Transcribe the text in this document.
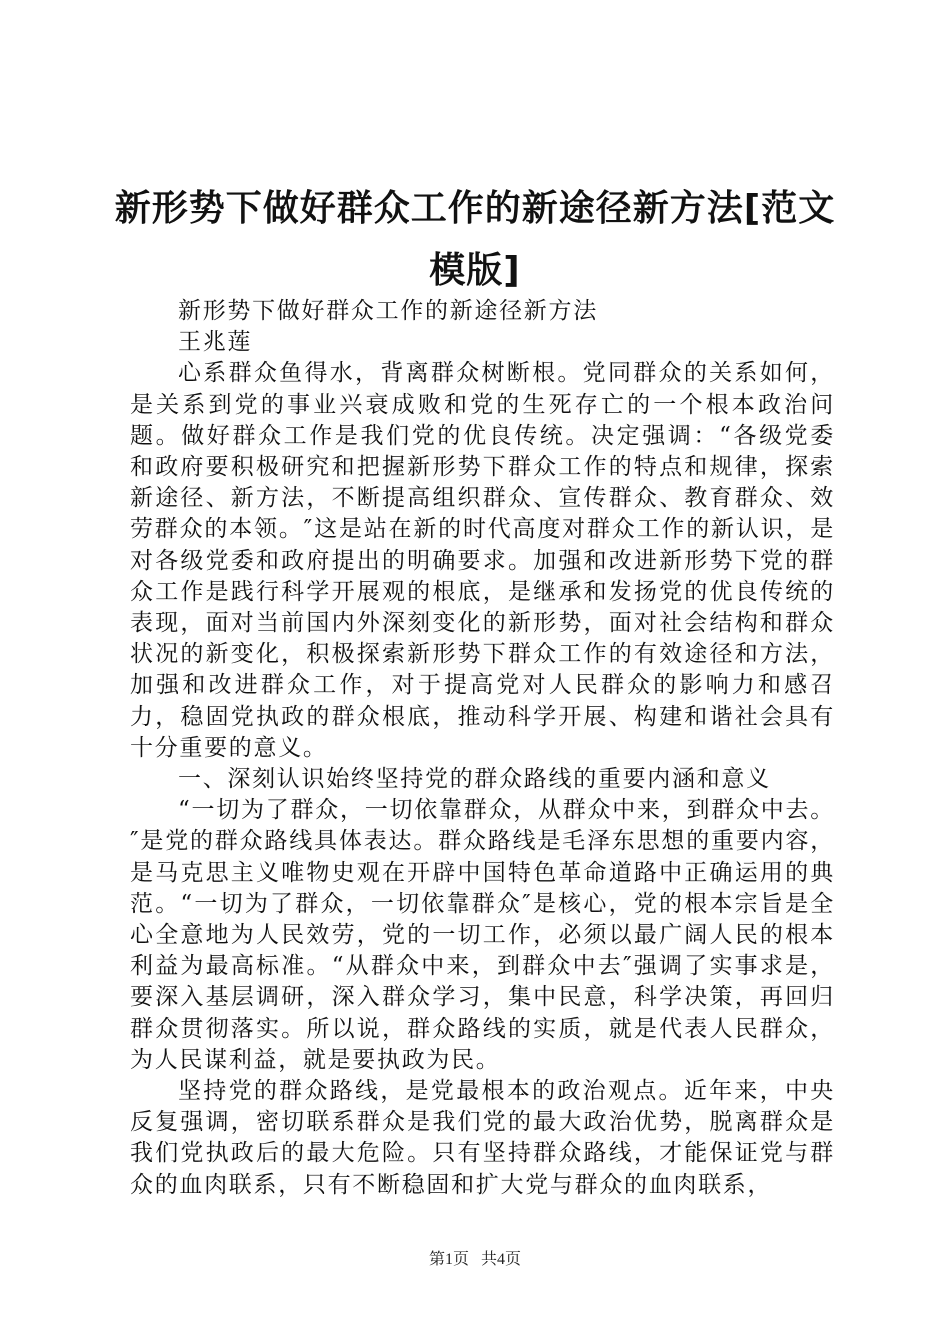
新形势下做好群众工作的新途径新方法[范文模版]

新形势下做好群众工作的新途径新方法

王兆莲

心系群众鱼得水，背离群众树断根。党同群众的关系如何，是关系到党的事业兴衰成败和党的生死存亡的一个根本政治问题。做好群众工作是我们党的优良传统。决定强调：“各级党委和政府要积极研究和把握新形势下群众工作的特点和规律，探索新途径、新方法，不断提高组织群众、宣传群众、教育群众、效劳群众的本领。″这是站在新的时代高度对群众工作的新认识，是对各级党委和政府提出的明确要求。加强和改进新形势下党的群众工作是践行科学开展观的根底，是继承和发扬党的优良传统的表现，面对当前国内外深刻变化的新形势，面对社会结构和群众状况的新变化，积极探索新形势下群众工作的有效途径和方法，加强和改进群众工作，对于提高党对人民群众的影响力和感召力，稳固党执政的群众根底，推动科学开展、构建和谐社会具有十分重要的意义。

一、深刻认识始终坚持党的群众路线的重要内涵和意义

“一切为了群众，一切依靠群众，从群众中来，到群众中去。″是党的群众路线具体表达。群众路线是毛泽东思想的重要内容，是马克思主义唯物史观在开辟中国特色革命道路中正确运用的典范。“一切为了群众，一切依靠群众″是核心，党的根本宗旨是全心全意地为人民效劳，党的一切工作，必须以最广阔人民的根本利益为最高标准。“从群众中来，到群众中去″强调了实事求是，要深入基层调研，深入群众学习，集中民意，科学决策，再回归群众贯彻落实。所以说，群众路线的实质，就是代表人民群众，为人民谋利益，就是要执政为民。

坚持党的群众路线，是党最根本的政治观点。近年来，中央反复强调，密切联系群众是我们党的最大政治优势，脱离群众是我们党执政后的最大危险。只有坚持群众路线，才能保证党与群众的血肉联系，只有不断稳固和扩大党与群众的血肉联系，

第1页 共4页
